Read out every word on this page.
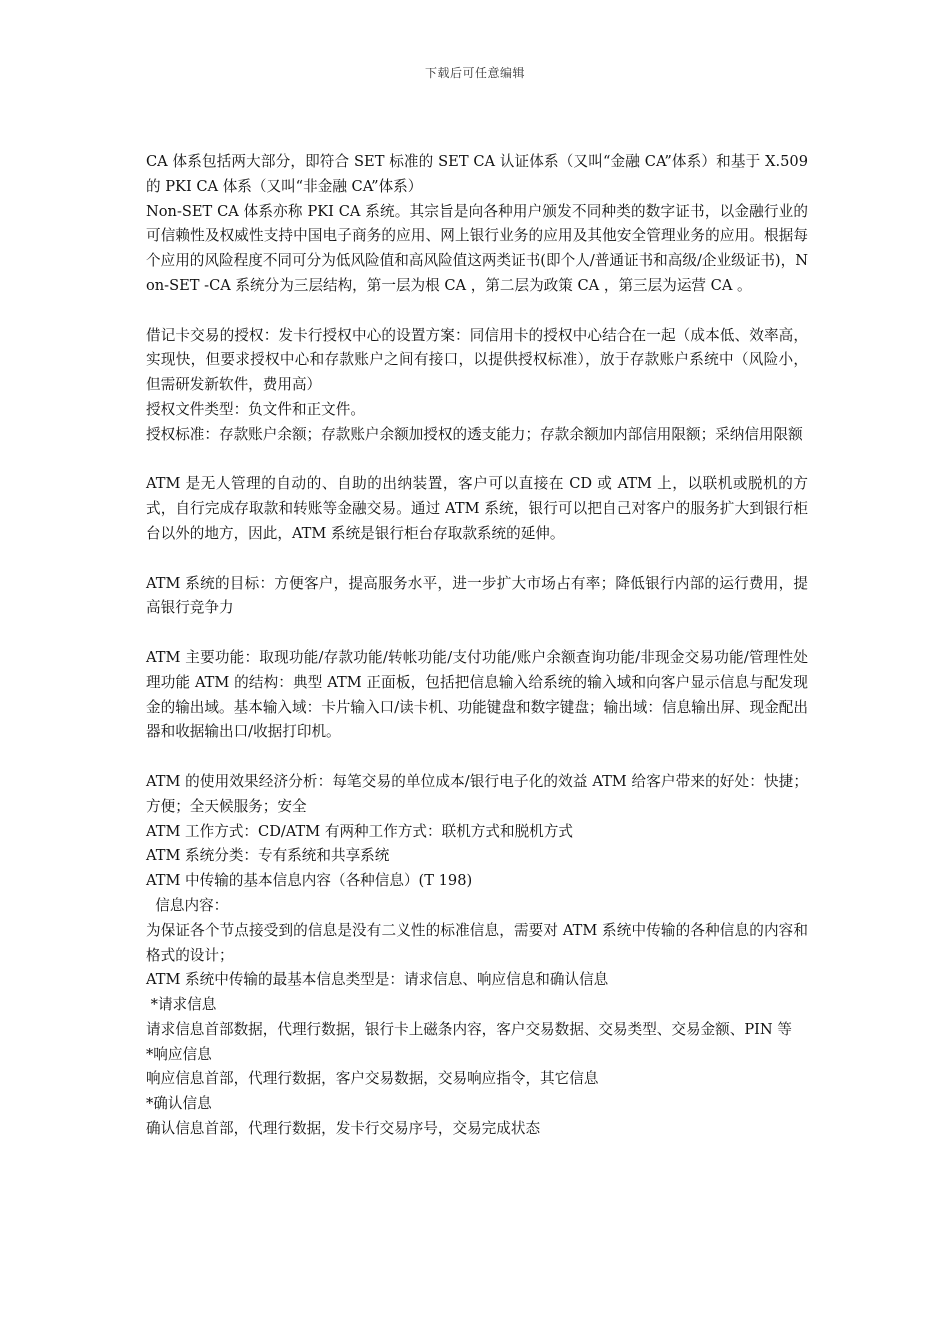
下载后可任意编辑

CA 体系包括两大部分，即符合 SET 标准的 SET CA 认证体系（又叫“金融 CA”体系）和基于 X.509 的 PKI CA 体系（又叫“非金融 CA”体系）

Non-SET CA 体系亦称 PKI CA 系统。其宗旨是向各种用户颁发不同种类的数字证书，以金融行业的可信赖性及权威性支持中国电子商务的应用、网上银行业务的应用及其他安全管理业务的应用。根据每个应用的风险程度不同可分为低风险值和高风险值这两类证书(即个人/普通证书和高级/企业级证书)，Non-SET -CA 系统分为三层结构，第一层为根 CA ，第二层为政策 CA ，第三层为运营 CA 。

借记卡交易的授权：发卡行授权中心的设置方案：同信用卡的授权中心结合在一起（成本低、效率高，实现快，但要求授权中心和存款账户之间有接口，以提供授权标准），放于存款账户系统中（风险小，但需研发新软件，费用高）

授权文件类型：负文件和正文件。

授权标准：存款账户余额；存款账户余额加授权的透支能力；存款余额加内部信用限额；采纳信用限额

ATM 是无人管理的自动的、自助的出纳装置，客户可以直接在 CD 或 ATM 上，以联机或脱机的方式，自行完成存取款和转账等金融交易。通过 ATM 系统，银行可以把自己对客户的服务扩大到银行柜台以外的地方，因此，ATM 系统是银行柜台存取款系统的延伸。

ATM 系统的目标：方便客户，提高服务水平，进一步扩大市场占有率；降低银行内部的运行费用，提高银行竞争力

ATM 主要功能：取现功能/存款功能/转帐功能/支付功能/账户余额查询功能/非现金交易功能/管理性处理功能 ATM 的结构：典型 ATM 正面板，包括把信息输入给系统的输入域和向客户显示信息与配发现金的输出域。基本输入域：卡片输入口/读卡机、功能键盘和数字键盘；输出域：信息输出屏、现金配出器和收据输出口/收据打印机。

ATM 的使用效果经济分析：每笔交易的单位成本/银行电子化的效益 ATM 给客户带来的好处：快捷；方便；全天候服务；安全

ATM 工作方式：CD/ATM 有两种工作方式：联机方式和脱机方式

ATM 系统分类：专有系统和共享系统

ATM 中传输的基本信息内容（各种信息）(T 198)

信息内容：

为保证各个节点接受到的信息是没有二义性的标准信息，需要对 ATM 系统中传输的各种信息的内容和格式的设计；

ATM 系统中传输的最基本信息类型是：请求信息、响应信息和确认信息

*请求信息

请求信息首部数据，代理行数据，银行卡上磁条内容，客户交易数据、交易类型、交易金额、PIN 等

*响应信息

响应信息首部，代理行数据，客户交易数据，交易响应指令，其它信息

*确认信息

确认信息首部，代理行数据，发卡行交易序号，交易完成状态
